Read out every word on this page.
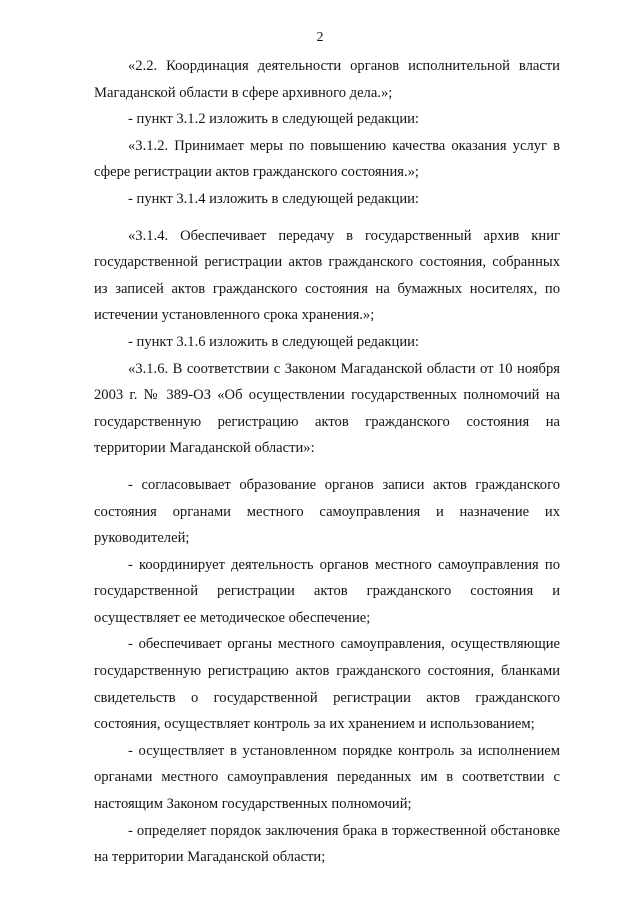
2

«2.2. Координация деятельности органов исполнительной власти Магаданской области в сфере архивного дела.»;

- пункт 3.1.2 изложить в следующей редакции:

«3.1.2. Принимает меры по повышению качества оказания услуг в сфере регистрации актов гражданского состояния.»;

- пункт 3.1.4 изложить в следующей редакции:

«3.1.4. Обеспечивает передачу в государственный архив книг государственной регистрации актов гражданского состояния, собранных из записей актов гражданского состояния на бумажных носителях, по истечении установленного срока хранения.»;

- пункт 3.1.6 изложить в следующей редакции:

«3.1.6. В соответствии с Законом Магаданской области от 10 ноября 2003 г. № 389-ОЗ «Об осуществлении государственных полномочий на государственную регистрацию актов гражданского состояния на территории Магаданской области»:

- согласовывает образование органов записи актов гражданского состояния органами местного самоуправления и назначение их руководителей;

- координирует деятельность органов местного самоуправления по государственной регистрации актов гражданского состояния и осуществляет ее методическое обеспечение;

- обеспечивает органы местного самоуправления, осуществляющие государственную регистрацию актов гражданского состояния, бланками свидетельств о государственной регистрации актов гражданского состояния, осуществляет контроль за их хранением и использованием;

- осуществляет в установленном порядке контроль за исполнением органами местного самоуправления переданных им в соответствии с настоящим Законом государственных полномочий;

- определяет порядок заключения брака в торжественной обстановке на территории Магаданской области;
